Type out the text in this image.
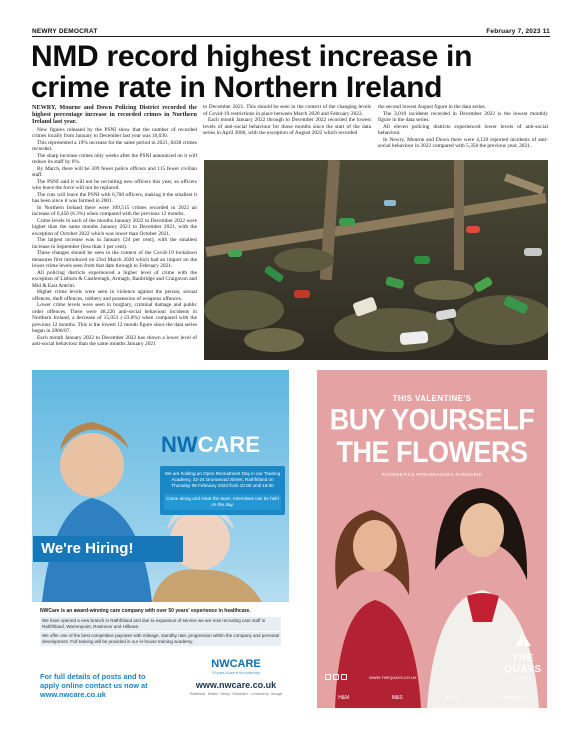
NEWRY DEMOCRAT	February 7, 2023 11
NMD record highest increase in crime rate in Northern Ireland

NEWRY, Mourne and Down Policing District recorded the highest percentage increase in recorded crimes in Northern Ireland last year.

New figures released by the PSNI show that the number of recorded crimes locally from January to December last year was 10,030.

This represented a 19% increase for the same period in 2021, 8438 crimes recorded.

The sharp increase comes only weeks after the PSNI announced on it will reduce its staff by 6%.

By March, there will be 309 fewer police officers and 115 fewer civilian staff.

The PSNI said it will not be recruiting new officers this year, so officers who leave the force will not be replaced.

The cuts will leave the PSNI with 6,700 officers, making it the smallest it has been since it was formed in 2001.

In Northern Ireland there were 109,515 crimes recorded in 2022 an increase of 6,456 (6.3%) when compared with the previous 12 months.

Crime levels in each of the months January 2022 to December 2022 were higher than the same months January 2021 to December 2021, with the exception of October 2022 which was lower than October 2021.

The largest increase was in January (24 per cent), with the smallest increase in September (less than 1 per cent).

These changes should be seen in the context of the Covid-19 lockdown measures first introduced on 23rd March 2020 which had an impact on the lower crime levels seen from that date through to February 2021.

All policing districts experienced a higher level of crime with the exception of Lisburn & Castlereagh, Armagh, Banbridge and Craigavon and Mid & East Antrim.

Higher crime levels were seen in violence against the person, sexual offences, theft offences, robbery and possession of weapons offences.

Lower crime levels were seen in burglary, criminal damage and public order offences. There were 48,226 anti-social behaviour incidents in Northern Ireland, a decrease of 15,051 (-23.8%) when compared with the previous 12 months. This is the lowest 12 month figure since the data series began in 2006/07.

Each month January 2022 to December 2022 has shown a lower level of anti-social behaviour than the same months January 2021

to December 2021. This should be seen in the context of the changing levels of Covid-19 restrictions in place between March 2020 and February 2022.

Each month January 2022 through to December 2022 recorded the lowest levels of anti-social behaviour for those months since the start of the data series in April 2006, with the exception of August 2022 which recorded

the second lowest August figure in the data series.

The 3,010 incidents recorded in December 2022 is the lowest monthly figure in the data series.

All eleven policing districts experienced lower levels of anti-social behaviour.

In Newry, Mourne and Down there were 4,120 reported incidents of anti-social behaviour in 2022 compared with 5,356 the previous year, 2021.

NW CARE
We are holding an Open Recruitment Day in our Training Academy, 22-24 Drumaroad Street, Rathfriland on Thursday 09 February 2023 from 10.00 until 16:00
Come along and meet the team. Interviews can be held on the day.
We're Hiring!
NWCare is an award-winning care company with over 50 years' experience in healthcare.
We have opened a new branch in Rathfriland and due to expansion of service we are now recruiting care staff in Rathfriland, Warrenpoint, Rostrevor and Hilltown.
We offer one of the best competitive payrates with mileage, standby rate, progression within the company and personal development. Full training will be provided in our in-house training academy.
For full details of posts and to apply online contact us now at www.nwcare.co.uk
NWCARE
50 years of care in the community
www.nwcare.co.uk
Rathfriland · Belfast · Newry · Enniskillen · Londonderry · Armagh
THIS VALENTINE'S
BUY YOURSELF
THE FLOWERS
#COSMETICS #FRAGRANCES #LINGERIE
THE QUAYS
NEWRY
WWW.THEQUAYS.CO.UK
H&M	M&S	Boots	Sainsbury's
